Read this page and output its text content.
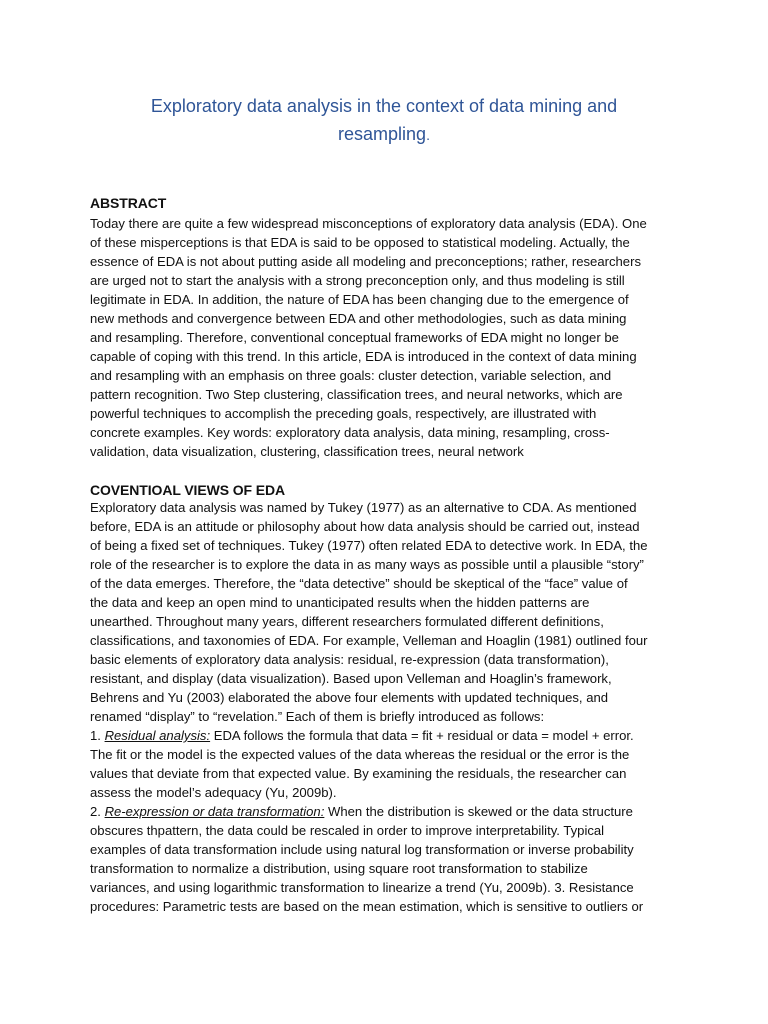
Exploratory data analysis in the context of data mining and
resampling.
ABSTRACT
Today there are quite a few widespread misconceptions of exploratory data analysis (EDA). One
of these misperceptions is that EDA is said to be opposed to statistical modeling. Actually, the
essence of EDA is not about putting aside all modeling and preconceptions; rather, researchers
are urged not to start the analysis with a strong preconception only, and thus modeling is still
legitimate in EDA. In addition, the nature of EDA has been changing due to the emergence of
new methods and convergence between EDA and other methodologies, such as data mining
and resampling. Therefore, conventional conceptual frameworks of EDA might no longer be
capable of coping with this trend. In this article, EDA is introduced in the context of data mining
and resampling with an emphasis on three goals: cluster detection, variable selection, and
pattern recognition. Two Step clustering, classification trees, and neural networks, which are
powerful techniques to accomplish the preceding goals, respectively, are illustrated with
concrete examples. Key words: exploratory data analysis, data mining, resampling, cross-
validation, data visualization, clustering, classification trees, neural network
COVENTIOAL VIEWS OF EDA
Exploratory data analysis was named by Tukey (1977) as an alternative to CDA. As mentioned
before, EDA is an attitude or philosophy about how data analysis should be carried out, instead
of being a fixed set of techniques. Tukey (1977) often related EDA to detective work. In EDA, the
role of the researcher is to explore the data in as many ways as possible until a plausible “story”
of the data emerges. Therefore, the “data detective” should be skeptical of the “face” value of
the data and keep an open mind to unanticipated results when the hidden patterns are
unearthed. Throughout many years, different researchers formulated different definitions,
classifications, and taxonomies of EDA. For example, Velleman and Hoaglin (1981) outlined four
basic elements of exploratory data analysis: residual, re-expression (data transformation),
resistant, and display (data visualization). Based upon Velleman and Hoaglin’s framework,
Behrens and Yu (2003) elaborated the above four elements with updated techniques, and
renamed “display” to “revelation.” Each of them is briefly introduced as follows:
1. Residual analysis: EDA follows the formula that data = fit + residual or data = model + error.
The fit or the model is the expected values of the data whereas the residual or the error is the
values that deviate from that expected value. By examining the residuals, the researcher can
assess the model’s adequacy (Yu, 2009b).
2. Re-expression or data transformation: When the distribution is skewed or the data structure
obscures thpattern, the data could be rescaled in order to improve interpretability. Typical
examples of data transformation include using natural log transformation or inverse probability
transformation to normalize a distribution, using square root transformation to stabilize
variances, and using logarithmic transformation to linearize a trend (Yu, 2009b). 3. Resistance
procedures: Parametric tests are based on the mean estimation, which is sensitive to outliers or
